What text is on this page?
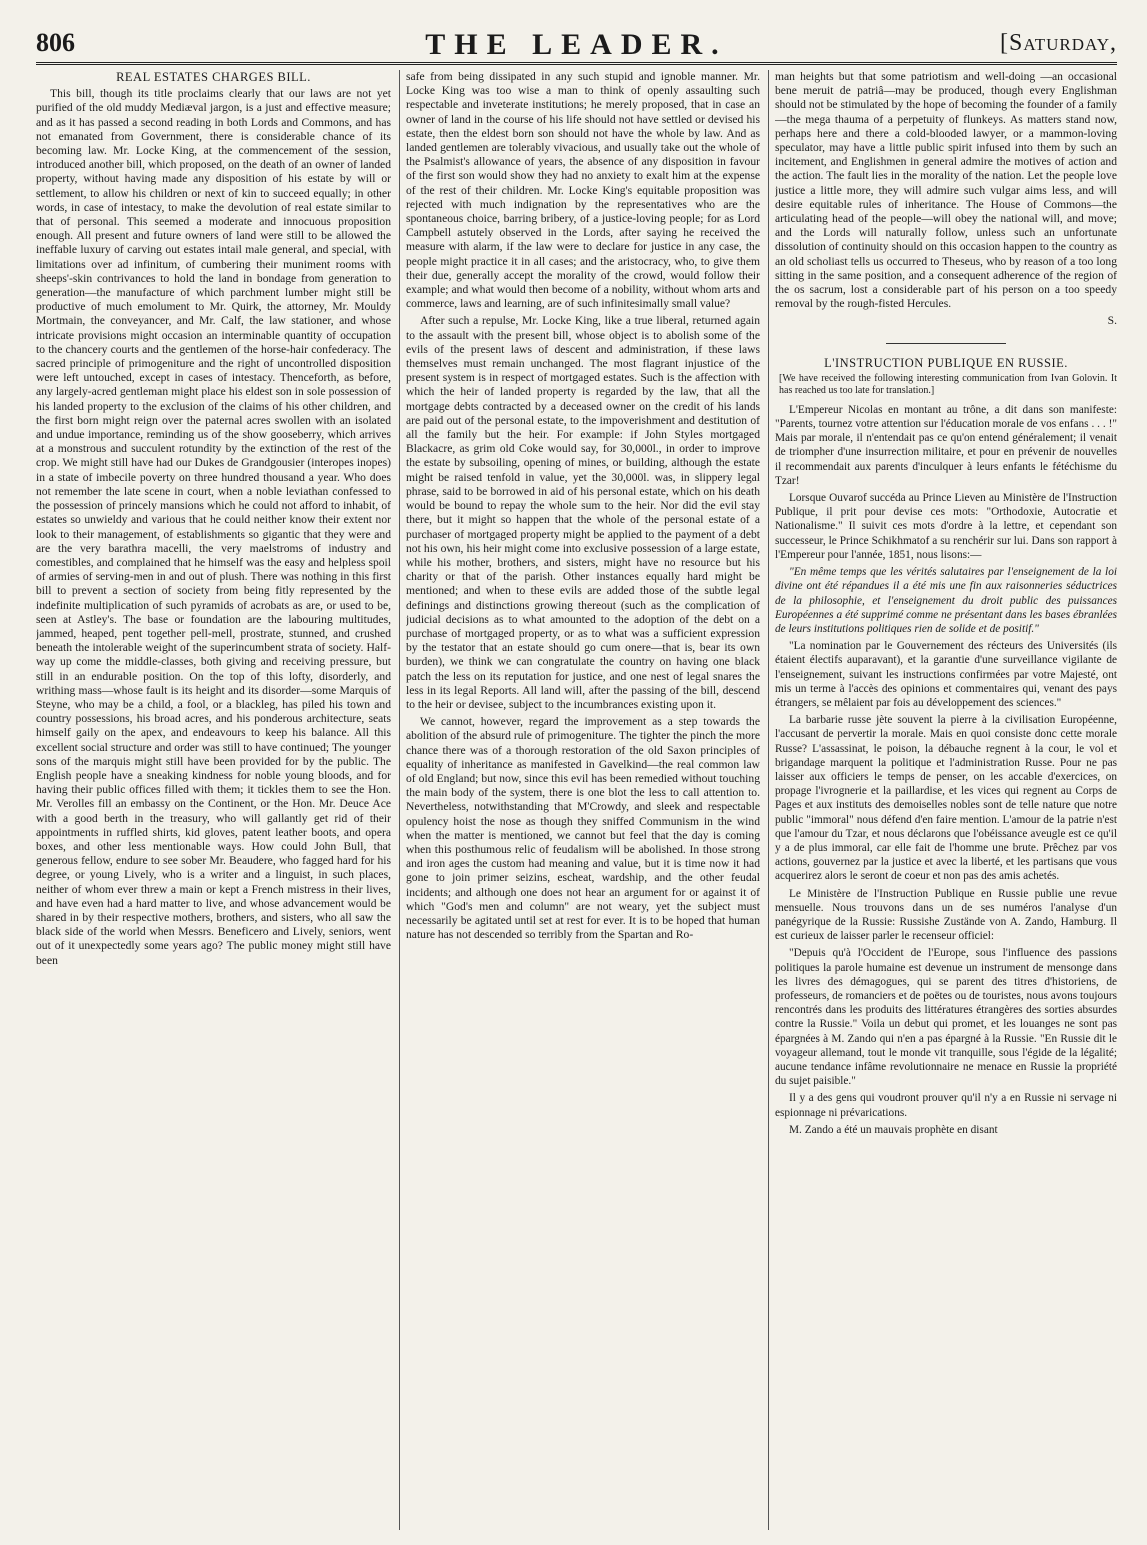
806	THE LEADER.	[Saturday,
REAL ESTATES CHARGES BILL.

This bill, though its title proclaims clearly that our laws are not yet purified of the old muddy Mediæval jargon, is a just and effective measure; and as it has passed a second reading in both Lords and Commons, and has not emanated from Government, there is considerable chance of its becoming law. Mr. Locke King, at the commencement of the session, introduced another bill, which proposed, on the death of an owner of landed property, without having made any disposition of his estate by will or settlement, to allow his children or next of kin to succeed equally; in other words, in case of intestacy, to make the devolution of real estate similar to that of personal. This seemed a moderate and innocuous proposition enough. All present and future owners of land were still to be allowed the ineffable luxury of carving out estates intail male general, and special, with limitations over ad infinitum, of cumbering their muniment rooms with sheeps'-skin contrivances to hold the land in bondage from generation to generation—the manufacture of which parchment lumber might still be productive of much emolument to Mr. Quirk, the attorney, Mr. Mouldy Mortmain, the conveyancer, and Mr. Calf, the law stationer, and whose intricate provisions might occasion an interminable quantity of occupation to the chancery courts and the gentlemen of the horse-hair confederacy. The sacred principle of primogeniture and the right of uncontrolled disposition were left untouched, except in cases of intestacy. Thenceforth, as before, any largely-acred gentleman might place his eldest son in sole possession of his landed property to the exclusion of the claims of his other children, and the first born might reign over the paternal acres swollen with an isolated and undue importance, reminding us of the show gooseberry, which arrives at a monstrous and succulent rotundity by the extinction of the rest of the crop. We might still have had our Dukes de Grandgousier (interopes inopes) in a state of imbecile poverty on three hundred thousand a year. Who does not remember the late scene in court, when a noble leviathan confessed to the possession of princely mansions which he could not afford to inhabit, of estates so unwieldy and various that he could neither know their extent nor look to their management, of establishments so gigantic that they were and are the very barathra macelli, the very maelstroms of industry and comestibles, and complained that he himself was the easy and helpless spoil of armies of serving-men in and out of plush. There was nothing in this first bill to prevent a section of society from being fitly represented by the indefinite multiplication of such pyramids of acrobats as are, or used to be, seen at Astley's. The base or foundation are the labouring multitudes, jammed, heaped, pent together pell-mell, prostrate, stunned, and crushed beneath the intolerable weight of the superincumbent strata of society. Half-way up come the middle-classes, both giving and receiving pressure, but still in an endurable position. On the top of this lofty, disorderly, and writhing mass—whose fault is its height and its disorder—some Marquis of Steyne, who may be a child, a fool, or a blackleg, has piled his town and country possessions, his broad acres, and his ponderous architecture, seats himself gaily on the apex, and endeavours to keep his balance. All this excellent social structure and order was still to have continued; The younger sons of the marquis might still have been provided for by the public. The English people have a sneaking kindness for noble young bloods, and for having their public offices filled with them; it tickles them to see the Hon. Mr. Verolles fill an embassy on the Continent, or the Hon. Mr. Deuce Ace with a good berth in the treasury, who will gallantly get rid of their appointments in ruffled shirts, kid gloves, patent leather boots, and opera boxes, and other less mentionable ways. How could John Bull, that generous fellow, endure to see sober Mr. Beaudere, who fagged hard for his degree, or young Lively, who is a writer and a linguist, in such places, neither of whom ever threw a main or kept a French mistress in their lives, and have even had a hard matter to live, and whose advancement would be shared in by their respective mothers, brothers, and sisters, who all saw the black side of the world when Messrs. Beneficero and Lively, seniors, went out of it unexpectedly some years ago? The public money might still have been

safe from being dissipated in any such stupid and ignoble manner. Mr. Locke King was too wise a man to think of openly assaulting such respectable and inveterate institutions; he merely proposed, that in case an owner of land in the course of his life should not have settled or devised his estate, then the eldest born son should not have the whole by law. And as landed gentlemen are tolerably vivacious, and usually take out the whole of the Psalmist's allowance of years, the absence of any disposition in favour of the first son would show they had no anxiety to exalt him at the expense of the rest of their children. Mr. Locke King's equitable proposition was rejected with much indignation by the representatives who are the spontaneous choice, barring bribery, of a justice-loving people; for as Lord Campbell astutely observed in the Lords, after saying he received the measure with alarm, if the law were to declare for justice in any case, the people might practice it in all cases; and the aristocracy, who, to give them their due, generally accept the morality of the crowd, would follow their example; and what would then become of a nobility, without whom arts and commerce, laws and learning, are of such infinitesimally small value?

After such a repulse, Mr. Locke King, like a true liberal, returned again to the assault with the present bill, whose object is to abolish some of the evils of the present laws of descent and administration, if these laws themselves must remain unchanged. The most flagrant injustice of the present system is in respect of mortgaged estates. Such is the affection with which the heir of landed property is regarded by the law, that all the mortgage debts contracted by a deceased owner on the credit of his lands are paid out of the personal estate, to the impoverishment and destitution of all the family but the heir. For example: if John Styles mortgaged Blackacre, as grim old Coke would say, for 30,000l., in order to improve the estate by subsoiling, opening of mines, or building, although the estate might be raised tenfold in value, yet the 30,000l. was, in slippery legal phrase, said to be borrowed in aid of his personal estate, which on his death would be bound to repay the whole sum to the heir. Nor did the evil stay there, but it might so happen that the whole of the personal estate of a purchaser of mortgaged property might be applied to the payment of a debt not his own, his heir might come into exclusive possession of a large estate, while his mother, brothers, and sisters, might have no resource but his charity or that of the parish. Other instances equally hard might be mentioned; and when to these evils are added those of the subtle legal definings and distinctions growing thereout (such as the complication of judicial decisions as to what amounted to the adoption of the debt on a purchase of mortgaged property, or as to what was a sufficient expression by the testator that an estate should go cum onere—that is, bear its own burden), we think we can congratulate the country on having one black patch the less on its reputation for justice, and one nest of legal snares the less in its legal Reports. All land will, after the passing of the bill, descend to the heir or devisee, subject to the incumbrances existing upon it.

We cannot, however, regard the improvement as a step towards the abolition of the absurd rule of primogeniture. The tighter the pinch the more chance there was of a thorough restoration of the old Saxon principles of equality of inheritance as manifested in Gavelkind—the real common law of old England; but now, since this evil has been remedied without touching the main body of the system, there is one blot the less to call attention to. Nevertheless, notwithstanding that M'Crowdy, and sleek and respectable opulency hoist the nose as though they sniffed Communism in the wind when the matter is mentioned, we cannot but feel that the day is coming when this posthumous relic of feudalism will be abolished. In those strong and iron ages the custom had meaning and value, but it is time now it had gone to join primer seizins, escheat, wardship, and the other feudal incidents; and although one does not hear an argument for or against it of which "God's men and column" are not weary, yet the subject must necessarily be agitated until set at rest for ever. It is to be hoped that human nature has not descended so terribly from the Spartan and Ro-

man heights but that some patriotism and well-doing —an occasional bene meruit de patriâ—may be produced, though every Englishman should not be stimulated by the hope of becoming the founder of a family—the mega thauma of a perpetuity of flunkeys. As matters stand now, perhaps here and there a cold-blooded lawyer, or a mammon-loving speculator, may have a little public spirit infused into them by such an incitement, and Englishmen in general admire the motives of action and the action. The fault lies in the morality of the nation. Let the people love justice a little more, they will admire such vulgar aims less, and will desire equitable rules of inheritance. The House of Commons—the articulating head of the people—will obey the national will, and move; and the Lords will naturally follow, unless such an unfortunate dissolution of continuity should on this occasion happen to the country as an old scholiast tells us occurred to Theseus, who by reason of a too long sitting in the same position, and a consequent adherence of the region of the os sacrum, lost a considerable part of his person on a too speedy removal by the rough-fisted Hercules.

S.
L'INSTRUCTION PUBLIQUE EN RUSSIE.

[We have received the following interesting communication from Ivan Golovin. It has reached us too late for translation.]

L'Empereur Nicolas en montant au trône, a dit dans son manifeste: "Parents, tournez votre attention sur l'éducation morale de vos enfans . . . !" Mais par morale, il n'entendait pas ce qu'on entend généralement; il venait de triompher d'une insurrection militaire, et pour en prévenir de nouvelles il recommendait aux parents d'inculquer à leurs enfants le fétéchisme du Tzar!

Lorsque Ouvarof succéda au Prince Lieven au Ministère de l'Instruction Publique, il prit pour devise ces mots: "Orthodoxie, Autocratie et Nationalisme." Il suivit ces mots d'ordre à la lettre, et cependant son successeur, le Prince Schikhmatof a su renchérir sur lui. Dans son rapport à l'Empereur pour l'année, 1851, nous lisons:—

"En même temps que les vérités salutaires par l'enseignement de la loi divine ont été répandues il a été mis une fin aux raisonneries séductrices de la philosophie, et l'enseignement du droit public des puissances Européennes a été supprimé comme ne présentant dans les bases ébranlées de leurs institutions politiques rien de solide et de positif."

"La nomination par le Gouvernement des récteurs des Universités (ils étaient électifs auparavant), et la garantie d'une surveillance vigilante de l'enseignement, suivant les instructions confirmées par votre Majesté, ont mis un terme à l'accès des opinions et commentaires qui, venant des pays étrangers, se mêlaient par fois au développement des sciences."

La barbarie russe jète souvent la pierre à la civilisation Européenne, l'accusant de pervertir la morale. Mais en quoi consiste donc cette morale Russe? L'assassinat, le poison, la débauche regnent à la cour, le vol et brigandage marquent la politique et l'administration Russe. Pour ne pas laisser aux officiers le temps de penser, on les accable d'exercices, on propage l'ivrognerie et la paillardise, et les vices qui regnent au Corps de Pages et aux instituts des demoiselles nobles sont de telle nature que notre public "immoral" nous défend d'en faire mention. L'amour de la patrie n'est que l'amour du Tzar, et nous déclarons que l'obéissance aveugle est ce qu'il y a de plus immoral, car elle fait de l'homme une brute. Prêchez par vos actions, gouvernez par la justice et avec la liberté, et les partisans que vous acquerirez alors le seront de coeur et non pas des amis achetés.

Le Ministère de l'Instruction Publique en Russie publie une revue mensuelle. Nous trouvons dans un de ses numéros l'analyse d'un panégyrique de la Russie: Russishe Zustände von A. Zando, Hamburg. Il est curieux de laisser parler le recenseur officiel:

"Depuis qu'à l'Occident de l'Europe, sous l'influence des passions politiques la parole humaine est devenue un instrument de mensonge dans les livres des démagogues, qui se parent des titres d'historiens, de professeurs, de romanciers et de poëtes ou de touristes, nous avons toujours rencontrés dans les produits des littératures étrangères des sorties absurdes contre la Russie." Voila un debut qui promet, et les louanges ne sont pas épargnées à M. Zando qui n'en a pas épargné à la Russie. "En Russie dit le voyageur allemand, tout le monde vit tranquille, sous l'égide de la légalité; aucune tendance infâme revolutionnaire ne menace en Russie la propriété du sujet paisible."

Il y a des gens qui voudront prouver qu'il n'y a en Russie ni servage ni espionnage ni prévarications.

M. Zando a été un mauvais prophète en disant
